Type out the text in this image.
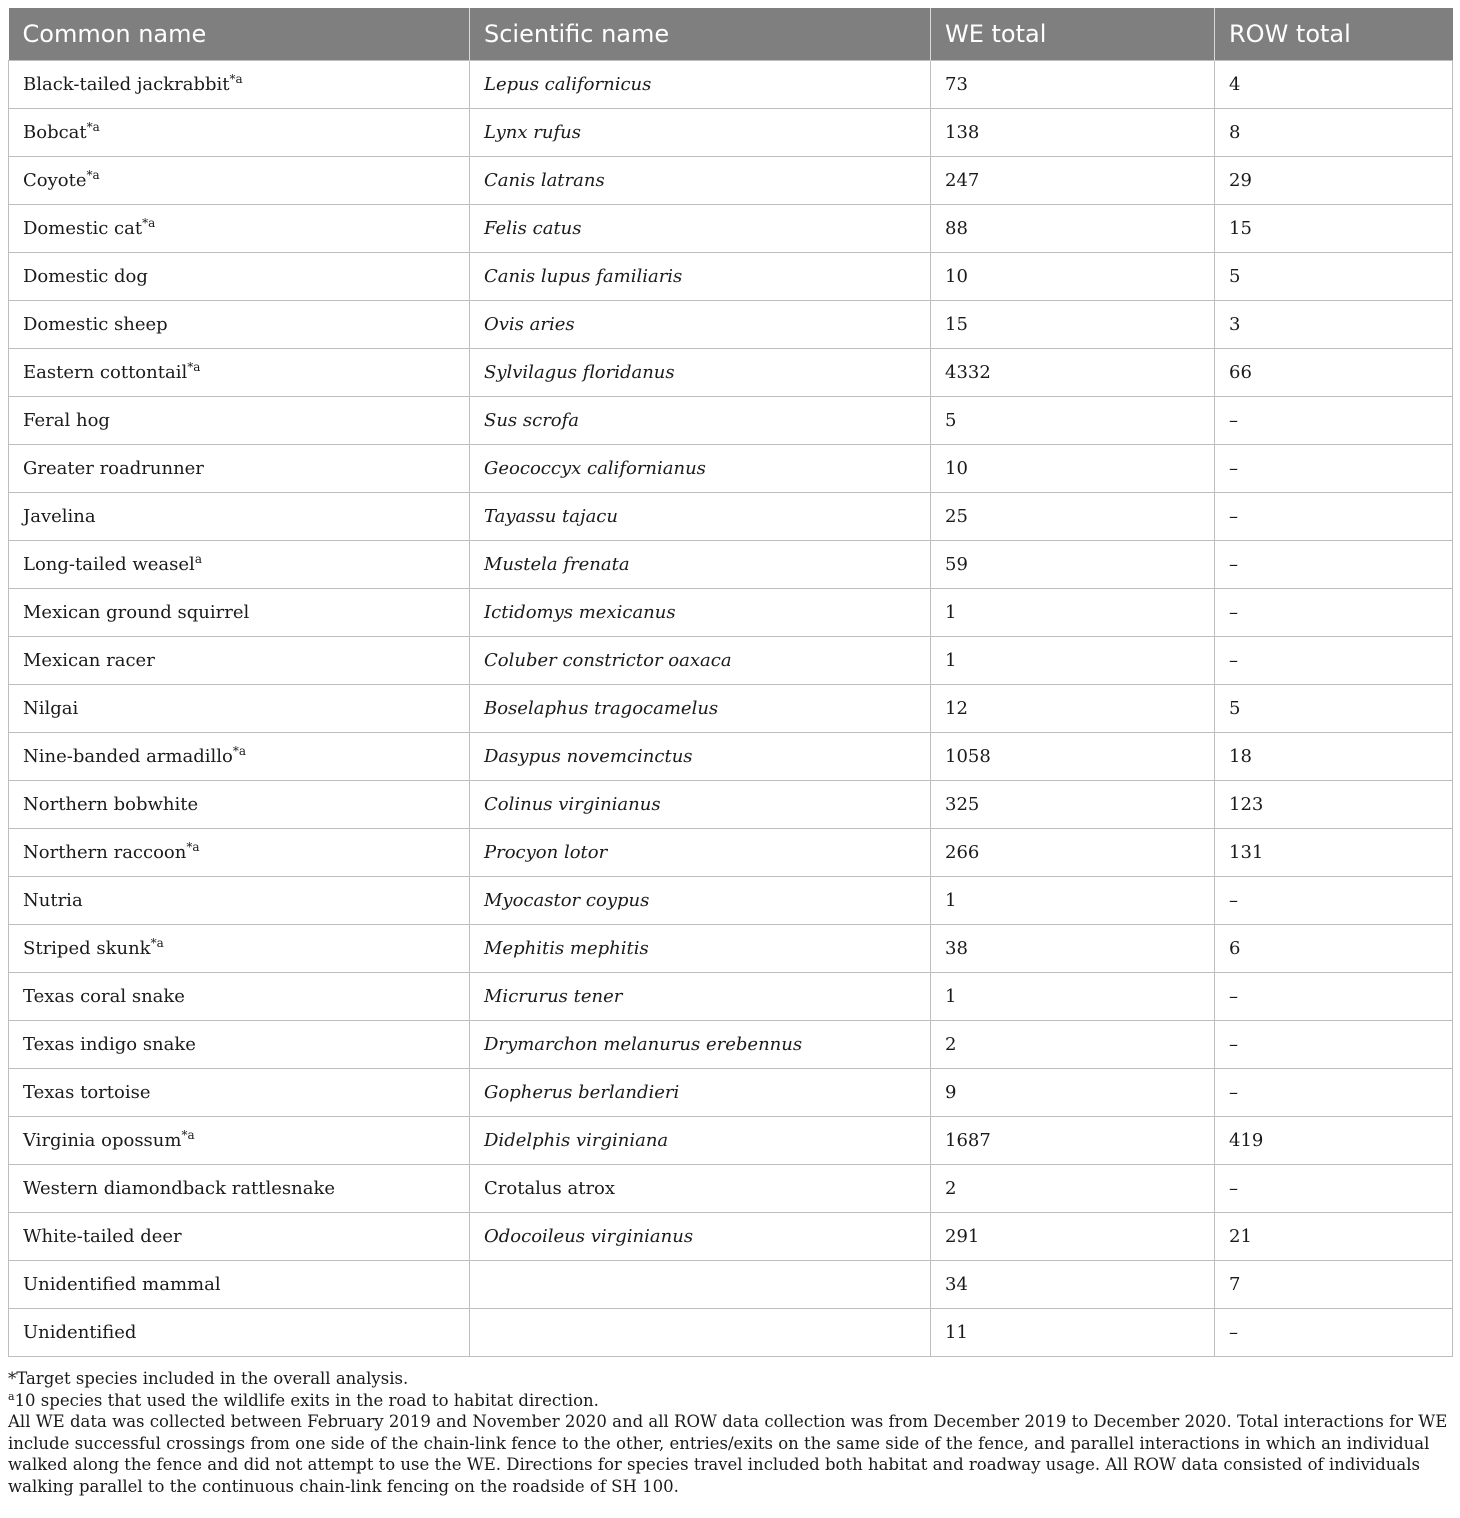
Common name	Scientific name	WE total	ROW total
Black-tailed jackrabbit$^{*a}$	Lepus californicus	73	4
Bobcat$^{*a}$	Lynx rufus	138	8
Coyote$^{*a}$	Canis latrans	247	29
Domestic cat$^{*a}$	Felis catus	88	15
Domestic dog	Canis lupus familiaris	10	5
Domestic sheep	Ovis aries	15	3
Eastern cottontail$^{*a}$	Sylvilagus floridanus	4332	66
Feral hog	Sus scrofa	5	–
Greater roadrunner	Geococcyx californianus	10	–
Javelina	Tayassu tajacu	25	–
Long-tailed weasel$^a$	Mustela frenata	59	–
Mexican ground squirrel	Ictidomys mexicanus	1	–
Mexican racer	Coluber constrictor oaxaca	1	–
Nilgai	Boselaphus tragocamelus	12	5
Nine-banded armadillo$^{*a}$	Dasypus novemcinctus	1058	18
Northern bobwhite	Colinus virginianus	325	123
Northern raccoon$^{*a}$	Procyon lotor	266	131
Nutria	Myocastor coypus	1	–
Striped skunk$^{*a}$	Mephitis mephitis	38	6
Texas coral snake	Micrurus tener	1	–
Texas indigo snake	Drymarchon melanurus erebennus	2	–
Texas tortoise	Gopherus berlandieri	9	–
Virginia opossum$^{*a}$	Didelphis virginiana	1687	419
Western diamondback rattlesnake	Crotalus atrox	2	–
White-tailed deer	Odocoileus virginianus	291	21
Unidentified mammal		34	7
Unidentified		11	–

*Target species included in the overall analysis.

$^a$10 species that used the wildlife exits in the road to habitat direction.

All WE data was collected between February 2019 and November 2020 and all ROW data collection was from December 2019 to December 2020. Total interactions for WE include successful crossings from one side of the chain-link fence to the other, entries/exits on the same side of the fence, and parallel interactions in which an individual walked along the fence and did not attempt to use the WE. Directions for species travel included both habitat and roadway usage. All ROW data consisted of individuals walking parallel to the continuous chain-link fencing on the roadside of SH 100.
